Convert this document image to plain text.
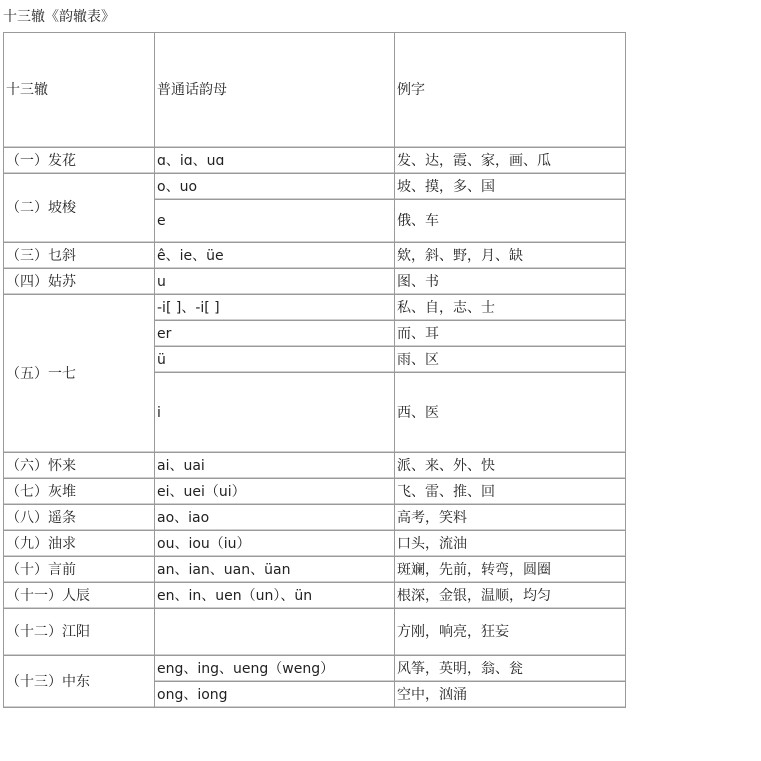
十三辙《韵辙表》
十三辙	普通话韵母	例字
（一）发花	ɑ、iɑ、uɑ	发、达，霞、家，画、瓜
（二）坡梭	o、uo	坡、摸，多、国
	e	俄、车
（三）乜斜	ê、ie、üe	欸，斜、野，月、缺
（四）姑苏	u	图、书
（五）一七	-i[ ]、-i[ ]	私、自，志、士
	er	而、耳
	ü	雨、区
	i	西、医
（六）怀来	ai、uai	派、来、外、快
（七）灰堆	ei、uei（ui）	飞、雷、推、回
（八）遥条	ao、iao	高考，笑料
（九）油求	ou、iou（iu）	口头，流油
（十）言前	an、ian、uan、üan	斑斓，先前，转弯，圆圈
（十一）人辰	en、in、uen（un）、ün	根深，金银，温顺，均匀
（十二）江阳		方刚，响亮，狂妄
（十三）中东	eng、ing、ueng（weng）	风筝，英明，翁、瓮
	ong、iong	空中，汹涌
